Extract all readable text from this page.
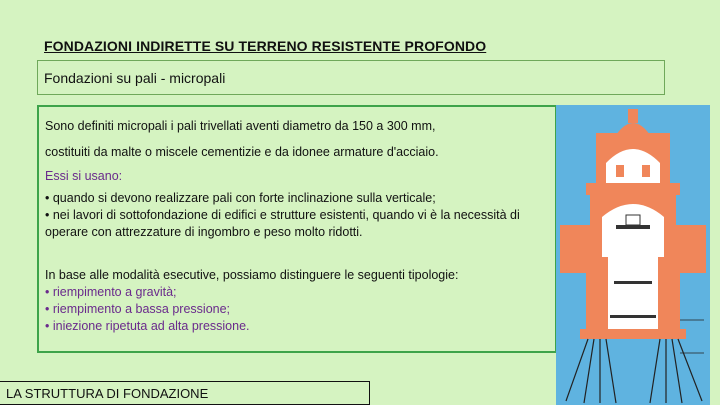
FONDAZIONI INDIRETTE SU TERRENO RESISTENTE PROFONDO
Fondazioni su pali - micropali

Sono definiti micropali i pali trivellati aventi diametro da 150 a 300 mm,

costituiti da malte o miscele cementizie e da idonee armature d'acciaio.

Essi si usano:

• quando si devono realizzare pali con forte inclinazione sulla verticale;

• nei lavori di sottofondazione di edifici e strutture esistenti, quando vi è la necessità di operare con attrezzature di ingombro e peso molto ridotti.

In base alle modalità esecutive, possiamo distinguere le seguenti tipologie:

• riempimento a gravità;

• riempimento a bassa pressione;

• iniezione ripetuta ad alta pressione.

LA STRUTTURA DI FONDAZIONE
